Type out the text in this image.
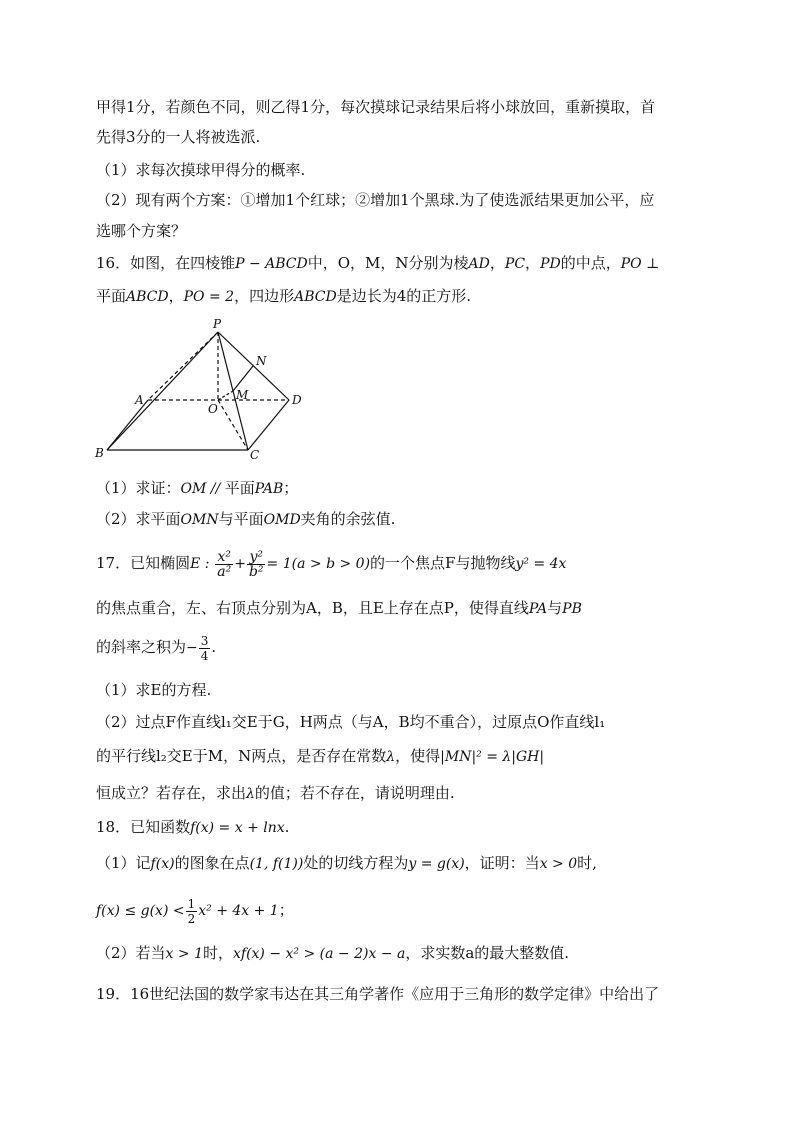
甲得1分，若颜色不同，则乙得1分，每次摸球记录结果后将小球放回，重新摸取，首
先得3分的一人将被选派.
（1）求每次摸球甲得分的概率.
（2）现有两个方案：①增加1个红球；②增加1个黑球.为了使选派结果更加公平，应
选哪个方案？
16．如图，在四棱锥P − ABCD中，O，M，N分别为棱AD，PC，PD的中点，PO ⊥
平面ABCD，PO = 2，四边形ABCD是边长为4的正方形.
P
N
A
O
M	D
B	C
（1）求证：OM // 平面PAB；
（2）求平面OMN与平面OMD夹角的余弦值.
17．已知椭圆E : $\frac{\text{x²}}{\text{a²}} + \frac{\text{y²}}{\text{b²}} = 1(a > b > 0)$的一个焦点F与抛物线y² = 4x
的焦点重合，左、右顶点分别为A，B，且E上存在点P，使得直线PA与PB
的斜率之积为− $\frac{3}{4}$ .
（1）求E的方程.
（2）过点F作直线l₁交E于G，H两点（与A，B均不重合），过原点O作直线l₁
的平行线l₂交E于M，N两点，是否存在常数λ，使得|MN|² = λ|GH|
恒成立？若存在，求出λ的值；若不存在，请说明理由.
18．已知函数f(x) = x + lnx.
（1）记f(x)的图象在点(1, f(1))处的切线方程为y = g(x)，证明：当x > 0时,
$f(x) \le g(x) < \frac{1}{2} x^2 + 4x + 1$；
（2）若当x > 1时，xf(x) − x² > (a − 2)x − a，求实数a的最大整数值.
19．16世纪法国的数学家韦达在其三角学著作《应用于三角形的数学定律》中给出了
